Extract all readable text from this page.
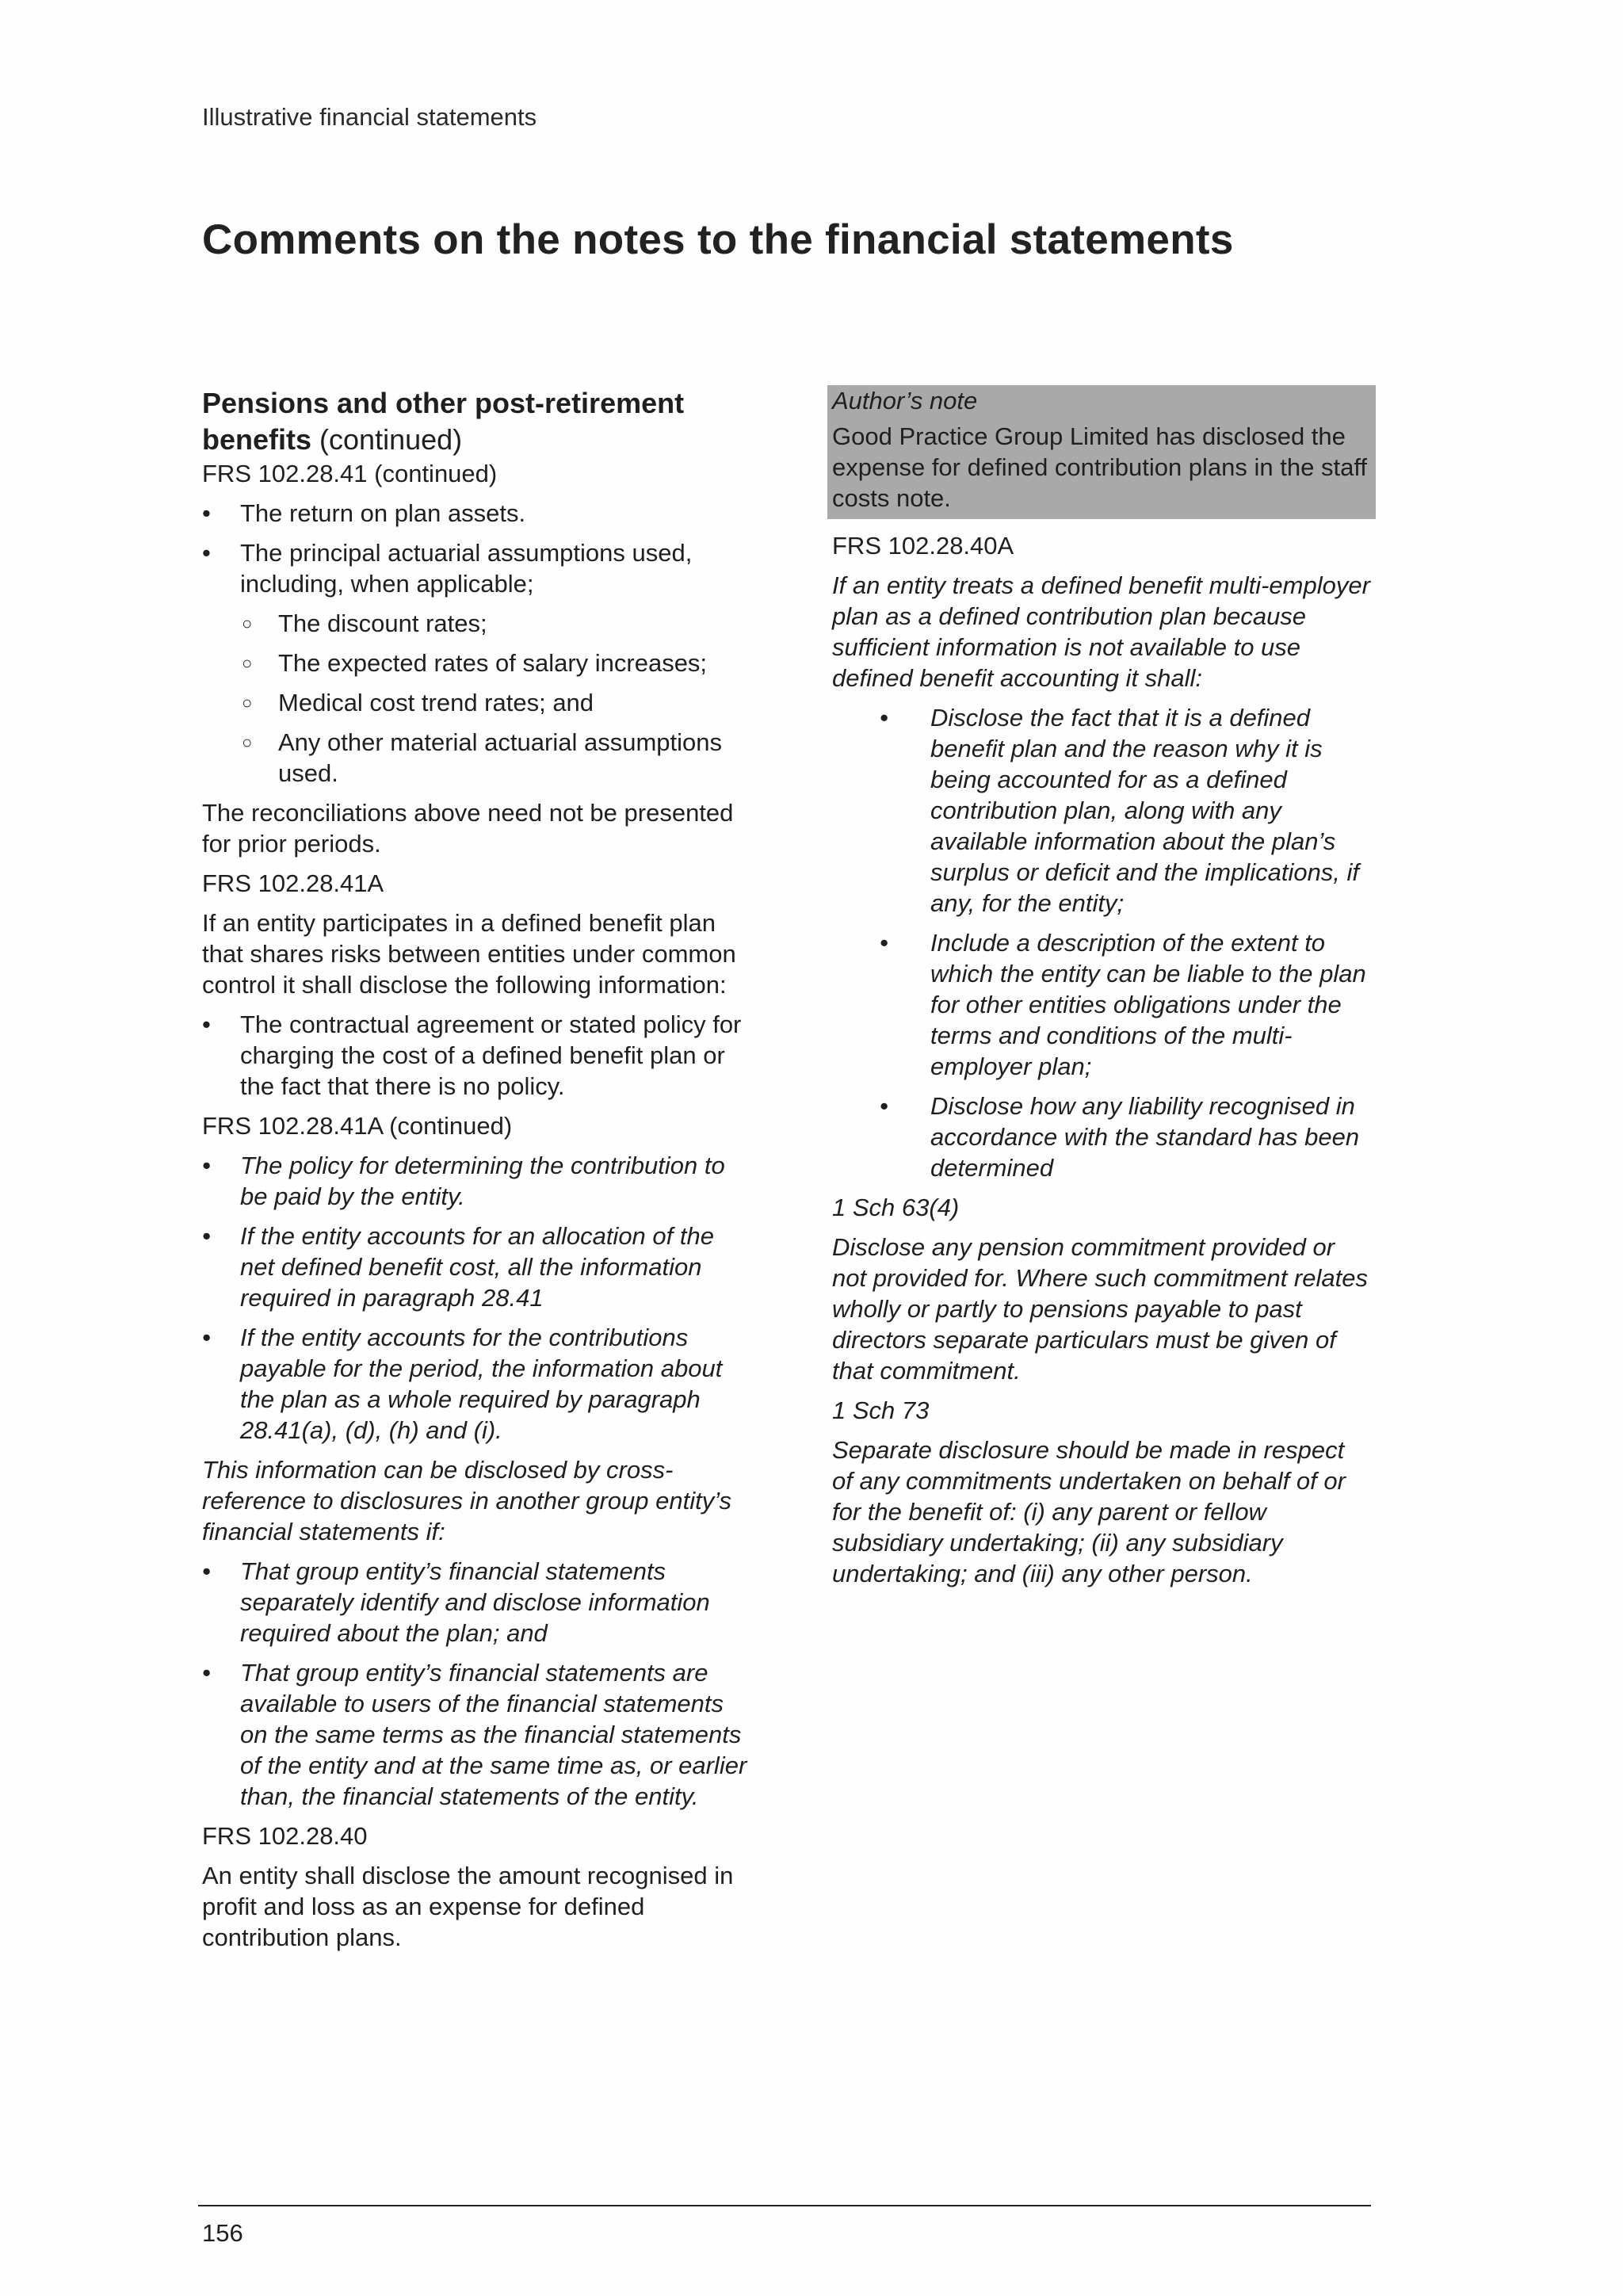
Illustrative financial statements
Comments on the notes to the financial statements
Pensions and other post-retirement benefits (continued)
FRS 102.28.41 (continued)
• The return on plan assets.
• The principal actuarial assumptions used, including, when applicable;
○ The discount rates;
○ The expected rates of salary increases;
○ Medical cost trend rates; and
○ Any other material actuarial assumptions used.

The reconciliations above need not be presented for prior periods.

FRS 102.28.41A

If an entity participates in a defined benefit plan that shares risks between entities under common control it shall disclose the following information:

• The contractual agreement or stated policy for charging the cost of a defined benefit plan or the fact that there is no policy.
FRS 102.28.41A (continued)
• The policy for determining the contribution to be paid by the entity.
• If the entity accounts for an allocation of the net defined benefit cost, all the information required in paragraph 28.41
• If the entity accounts for the contributions payable for the period, the information about the plan as a whole required by paragraph 28.41(a), (d), (h) and (i).

This information can be disclosed by cross-reference to disclosures in another group entity’s financial statements if:

• That group entity’s financial statements separately identify and disclose information required about the plan; and
• That group entity’s financial statements are available to users of the financial statements on the same terms as the financial statements of the entity and at the same time as, or earlier than, the financial statements of the entity.
FRS 102.28.40

An entity shall disclose the amount recognised in profit and loss as an expense for defined contribution plans.

Author’s note

Good Practice Group Limited has disclosed the expense for defined contribution plans in the staff costs note.

FRS 102.28.40A

If an entity treats a defined benefit multi-employer plan as a defined contribution plan because sufficient information is not available to use defined benefit accounting it shall:

• Disclose the fact that it is a defined benefit plan and the reason why it is being accounted for as a defined contribution plan, along with any available information about the plan’s surplus or deficit and the implications, if any, for the entity;
• Include a description of the extent to which the entity can be liable to the plan for other entities obligations under the terms and conditions of the multi-employer plan;
• Disclose how any liability recognised in accordance with the standard has been determined
1 Sch 63(4)

Disclose any pension commitment provided or not provided for. Where such commitment relates wholly or partly to pensions payable to past directors separate particulars must be given of that commitment.

1 Sch 73

Separate disclosure should be made in respect of any commitments undertaken on behalf of or for the benefit of: (i) any parent or fellow subsidiary undertaking; (ii) any subsidiary undertaking; and (iii) any other person.

156
